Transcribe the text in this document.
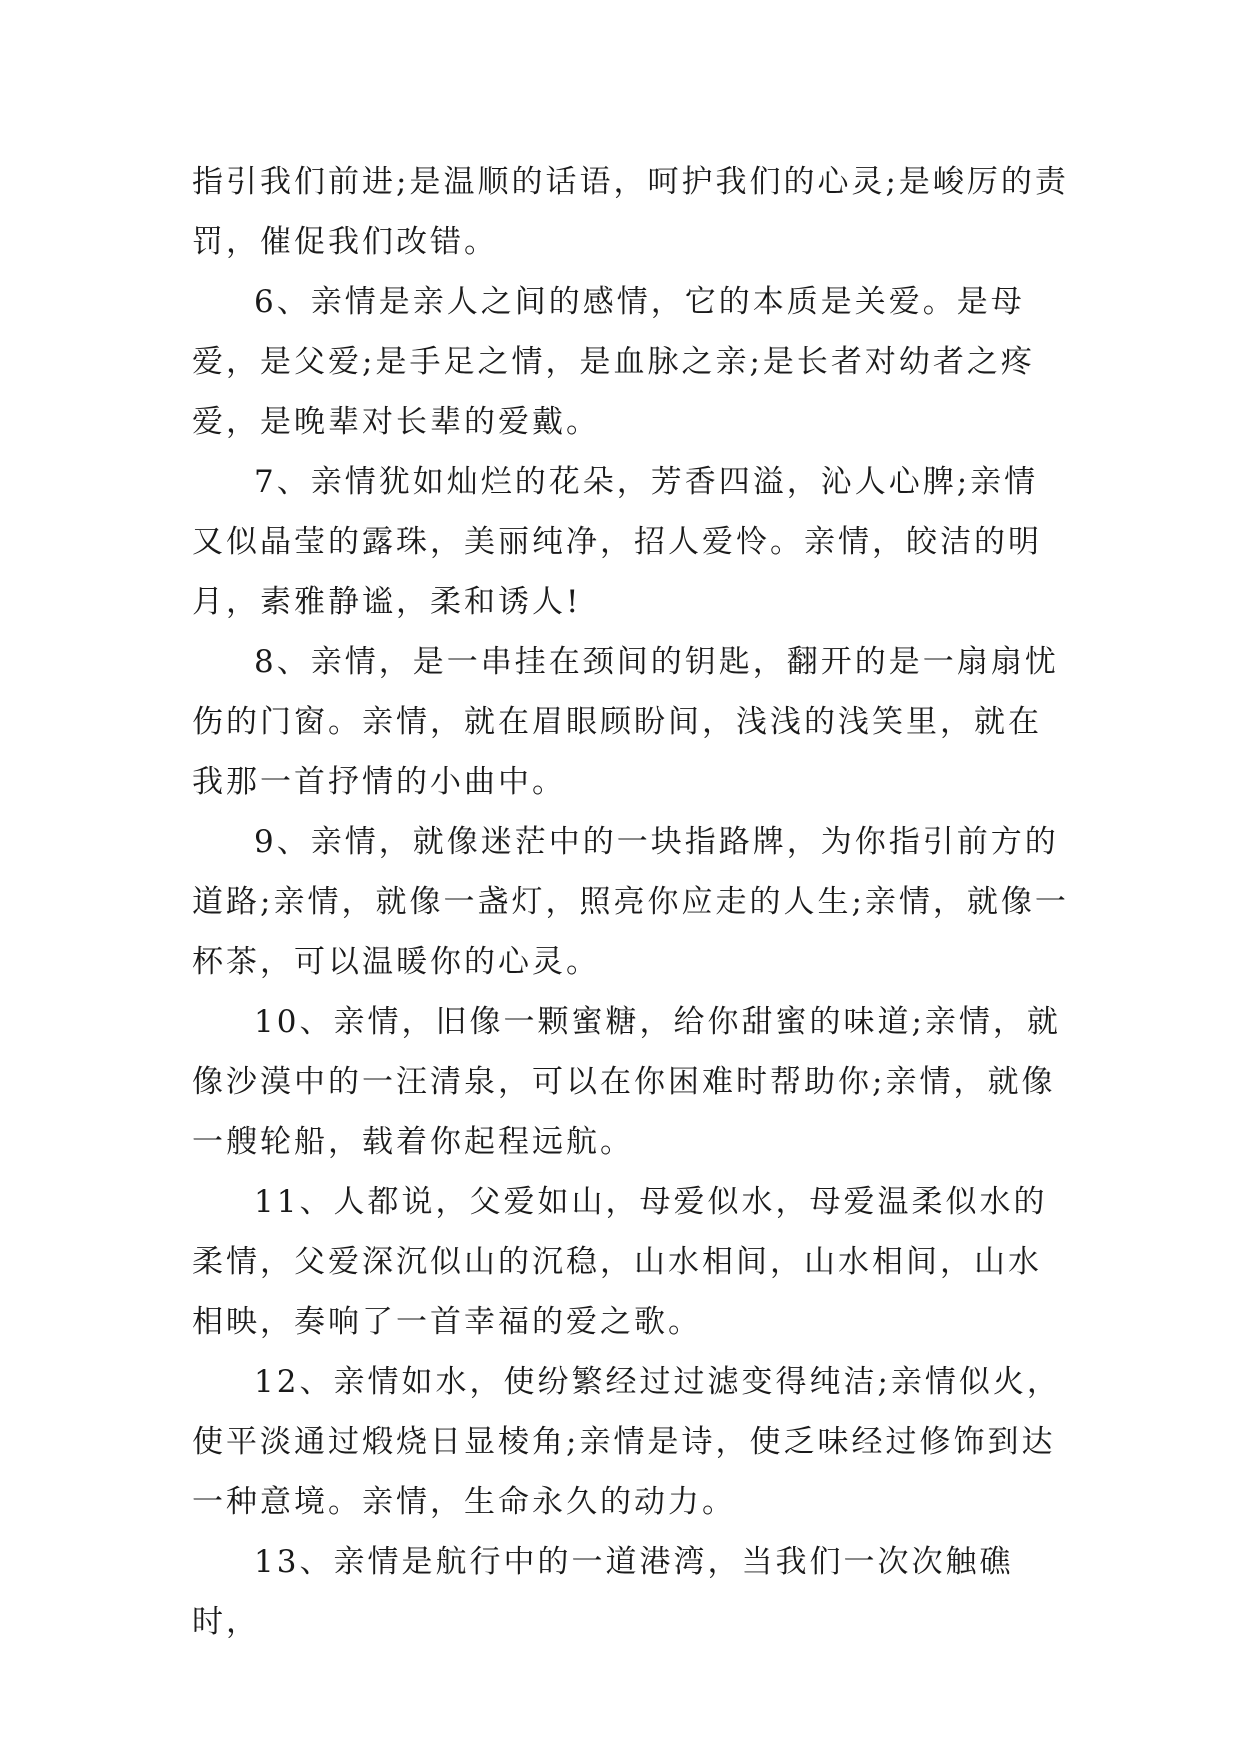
指引我们前进;是温顺的话语，呵护我们的心灵;是峻厉的责罚，催促我们改错。

6、亲情是亲人之间的感情，它的本质是关爱。是母爱，是父爱;是手足之情，是血脉之亲;是长者对幼者之疼爱，是晚辈对长辈的爱戴。

7、亲情犹如灿烂的花朵，芳香四溢，沁人心脾;亲情又似晶莹的露珠，美丽纯净，招人爱怜。亲情，皎洁的明月，素雅静谧，柔和诱人!

8、亲情，是一串挂在颈间的钥匙，翻开的是一扇扇忧伤的门窗。亲情，就在眉眼顾盼间，浅浅的浅笑里，就在我那一首抒情的小曲中。

9、亲情，就像迷茫中的一块指路牌，为你指引前方的道路;亲情，就像一盏灯，照亮你应走的人生;亲情，就像一杯茶，可以温暖你的心灵。

10、亲情，旧像一颗蜜糖，给你甜蜜的味道;亲情，就像沙漠中的一汪清泉，可以在你困难时帮助你;亲情，就像一艘轮船，载着你起程远航。

11、人都说，父爱如山，母爱似水，母爱温柔似水的柔情，父爱深沉似山的沉稳，山水相间，山水相间，山水相映，奏响了一首幸福的爱之歌。

12、亲情如水，使纷繁经过过滤变得纯洁;亲情似火，使平淡通过煅烧日显棱角;亲情是诗，使乏味经过修饰到达一种意境。亲情，生命永久的动力。

13、亲情是航行中的一道港湾，当我们一次次触礁时，
